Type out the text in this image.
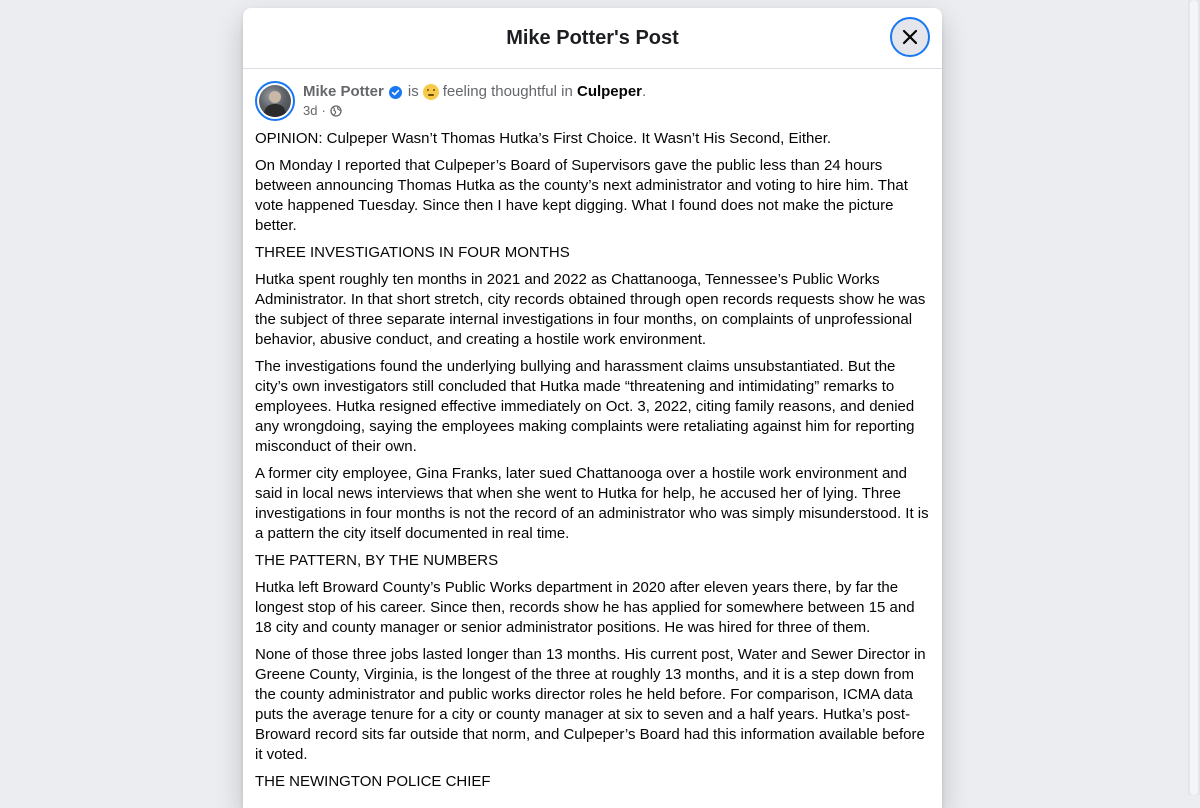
Mike Potter's Post
Mike Potter is feeling thoughtful in
Culpeper .
3d ·

OPINION: Culpeper Wasn’t Thomas Hutka’s First Choice. It Wasn’t His Second, Either.

On Monday I reported that Culpeper’s Board of Supervisors gave the public less than 24 hours between announcing Thomas Hutka as the county’s next administrator and voting to hire him. That vote happened Tuesday. Since then I have kept digging. What I found does not make the picture better.

THREE INVESTIGATIONS IN FOUR MONTHS

Hutka spent roughly ten months in 2021 and 2022 as Chattanooga, Tennessee’s Public Works Administrator. In that short stretch, city records obtained through open records requests show he was the subject of three separate internal investigations in four months, on complaints of unprofessional behavior, abusive conduct, and creating a hostile work environment.

The investigations found the underlying bullying and harassment claims unsubstantiated. But the city’s own investigators still concluded that Hutka made “threatening and intimidating” remarks to employees. Hutka resigned effective immediately on Oct. 3, 2022, citing family reasons, and denied any wrongdoing, saying the employees making complaints were retaliating against him for reporting misconduct of their own.

A former city employee, Gina Franks, later sued Chattanooga over a hostile work environment and said in local news interviews that when she went to Hutka for help, he accused her of lying. Three investigations in four months is not the record of an administrator who was simply misunderstood. It is a pattern the city itself documented in real time.

THE PATTERN, BY THE NUMBERS

Hutka left Broward County’s Public Works department in 2020 after eleven years there, by far the longest stop of his career. Since then, records show he has applied for somewhere between 15 and 18 city and county manager or senior administrator positions. He was hired for three of them.

None of those three jobs lasted longer than 13 months. His current post, Water and Sewer Director in Greene County, Virginia, is the longest of the three at roughly 13 months, and it is a step down from the county administrator and public works director roles he held before. For comparison, ICMA data puts the average tenure for a city or county manager at six to seven and a half years. Hutka’s post-Broward record sits far outside that norm, and Culpeper’s Board had this information available before it voted.

THE NEWINGTON POLICE CHIEF
